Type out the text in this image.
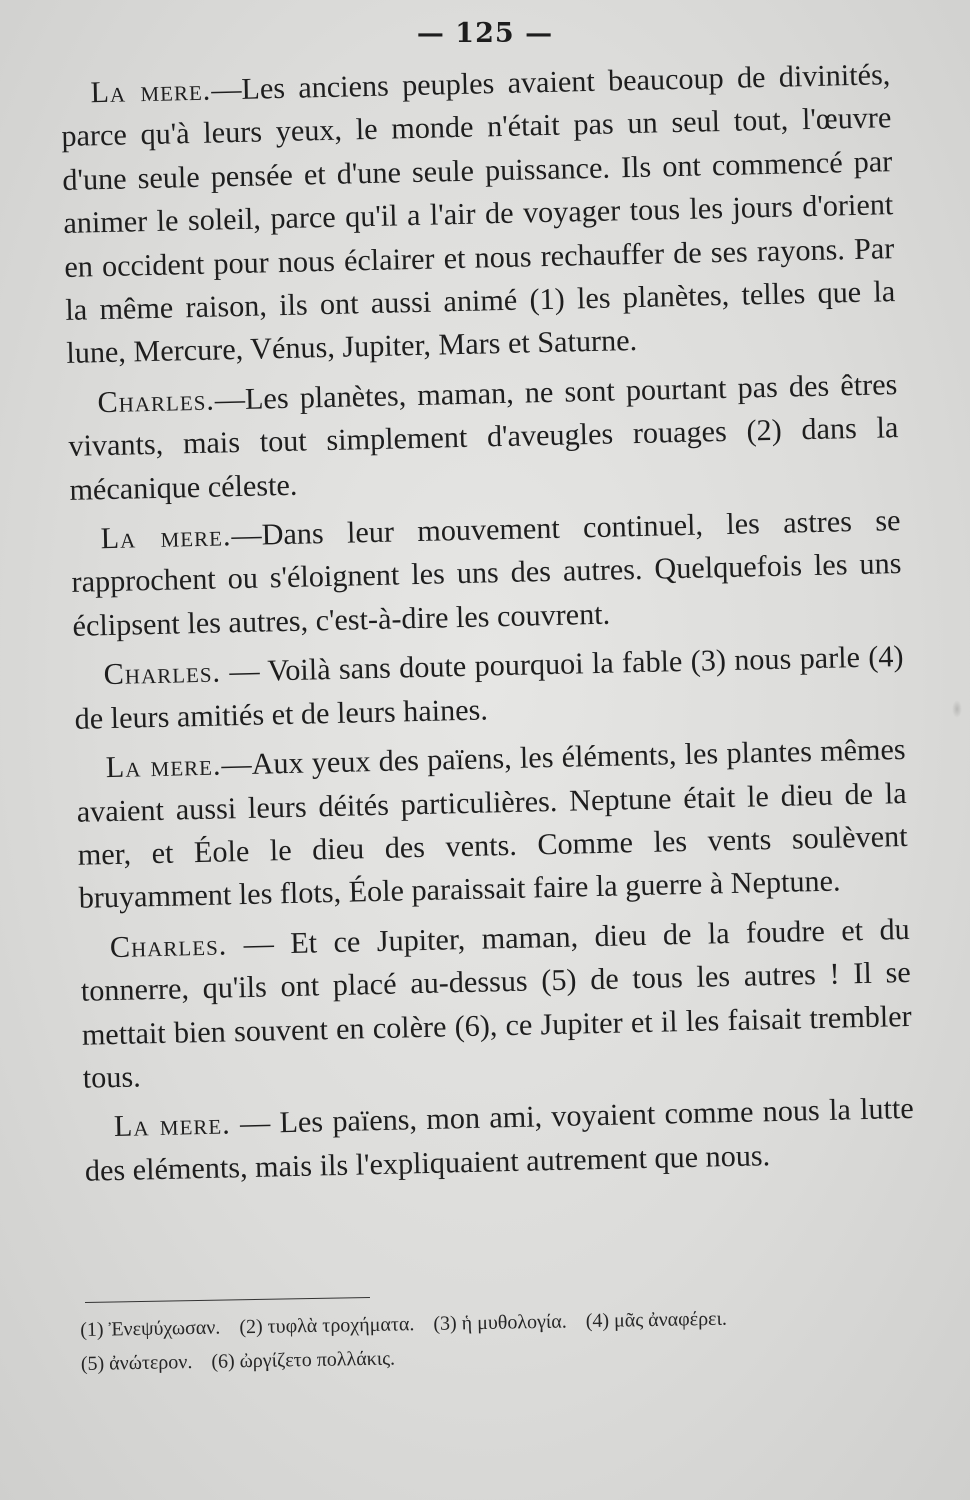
— 125 —

La mere.—Les anciens peuples avaient beaucoup de divinités, parce qu'à leurs yeux, le monde n'était pas un seul tout, l'œuvre d'une seule pensée et d'une seule puissance. Ils ont commencé par animer le soleil, parce qu'il a l'air de voyager tous les jours d'orient en occident pour nous éclairer et nous rechauffer de ses rayons. Par la même raison, ils ont aussi animé (1) les planètes, telles que la lune, Mercure, Vénus, Jupiter, Mars et Saturne.

Charles.—Les planètes, maman, ne sont pourtant pas des êtres vivants, mais tout simplement d'aveugles rouages (2) dans la mécanique céleste.

La mere.—Dans leur mouvement continuel, les astres se rapprochent ou s'éloignent les uns des autres. Quelquefois les uns éclipsent les autres, c'est-à-dire les couvrent.

Charles. — Voilà sans doute pourquoi la fable (3) nous parle (4) de leurs amitiés et de leurs haines.

La mere.—Aux yeux des païens, les éléments, les plantes mêmes avaient aussi leurs déités particulières. Neptune était le dieu de la mer, et Éole le dieu des vents. Comme les vents soulèvent bruyamment les flots, Éole paraissait faire la guerre à Neptune.

Charles. — Et ce Jupiter, maman, dieu de la foudre et du tonnerre, qu'ils ont placé au-dessus (5) de tous les autres ! Il se mettait bien souvent en colère (6), ce Jupiter et il les faisait trembler tous.

La mere. — Les païens, mon ami, voyaient comme nous la lutte des eléments, mais ils l'expliquaient autrement que nous.

(1) Ἐνεψύχωσαν. (2) τυφλὰ τροχήματα. (3) ἡ μυθολογία. (4) μᾶς ἀναφέρει.
(5) ἀνώτερον. (6) ὠργίζετο πολλάκις.
